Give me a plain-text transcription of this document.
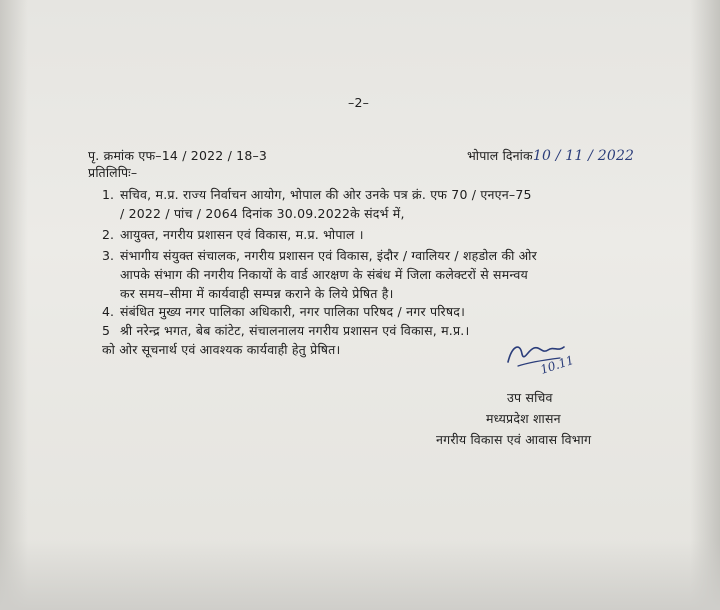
–2–
पृ. क्रमांक एफ–14 / 2022 / 18–3	भोपाल दिनांक10 / 11 / 2022
प्रतिलिपिः–
1. सचिव, म.प्र. राज्य निर्वाचन आयोग, भोपाल की ओर उनके पत्र क्रं. एफ 70 / एनएन–75
/ 2022 / पांच / 2064 दिनांक 30.09.2022के संदर्भ में,
2. आयुक्त, नगरीय प्रशासन एवं विकास, म.प्र. भोपाल ।
3. संभागीय संयुक्त संचालक, नगरीय प्रशासन एवं विकास, इंदौर / ग्वालियर / शहडोल की ओर
आपके संभाग की नगरीय निकायों के वार्ड आरक्षण के संबंध में जिला कलेक्टरों से समन्वय
कर समय–सीमा में कार्यवाही सम्पन्न कराने के लिये प्रेषित है।
4. संबंधित मुख्य नगर पालिका अधिकारी, नगर पालिका परिषद / नगर परिषद।
5 श्री नरेन्द्र भगत, बेब कांटेट, संचालनालय नगरीय प्रशासन एवं विकास, म.प्र.।
को ओर सूचनार्थ एवं आवश्यक कार्यवाही हेतु प्रेषित।
10.11
उप सचिव
मध्यप्रदेश शासन
नगरीय विकास एवं आवास विभाग
